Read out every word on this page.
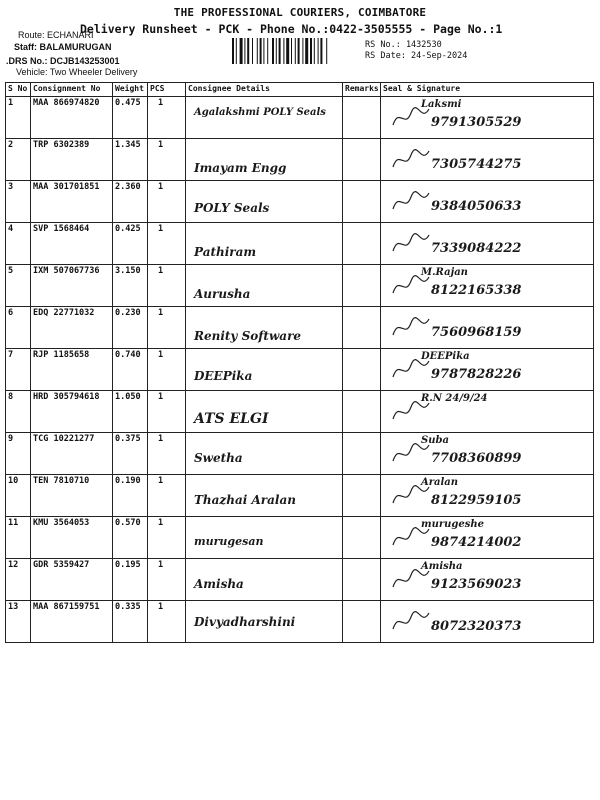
THE PROFESSIONAL COURIERS, COIMBATORE
Delivery Runsheet - PCK - Phone No.:0422-3505555 - Page No.:1
Route: ECHANARI
Staff: BALAMURUGAN
.DRS No.: DCJB143253001
Vehicle: Two Wheeler Delivery
RS No.: 1432530
RS Date: 24-Sep-2024
S No	Consignment No	Weight	PCS	Consignee Details	Remarks	Seal & Signature
1	MAA 866974820	0.475	1	Agalakshmi POLY Seals		Laksmi
9791305529

2	TRP 6302389	1.345	1	Imayam Engg		7305744275

3	MAA 301701851	2.360	1	POLY Seals		9384050633

4	SVP 1568464	0.425	1	Pathiram		7339084222

5	IXM 507067736	3.150	1	Aurusha		M.Rajan
8122165338

6	EDQ 22771032	0.230	1	Renity Software		7560968159

7	RJP 1185658	0.740	1	DEEPika		DEEPika
9787828226

8	HRD 305794618	1.050	1	ATS ELGI		R.N 24/9/24

9	TCG 10221277	0.375	1	Swetha		Suba
7708360899

10	TEN 7810710	0.190	1	Thazhai Aralan		Aralan
8122959105

11	KMU 3564053	0.570	1	murugesan		murugeshe
9874214002

12	GDR 5359427	0.195	1	Amisha		Amisha
9123569023

13	MAA 867159751	0.335	1	Divyadharshini		8072320373
